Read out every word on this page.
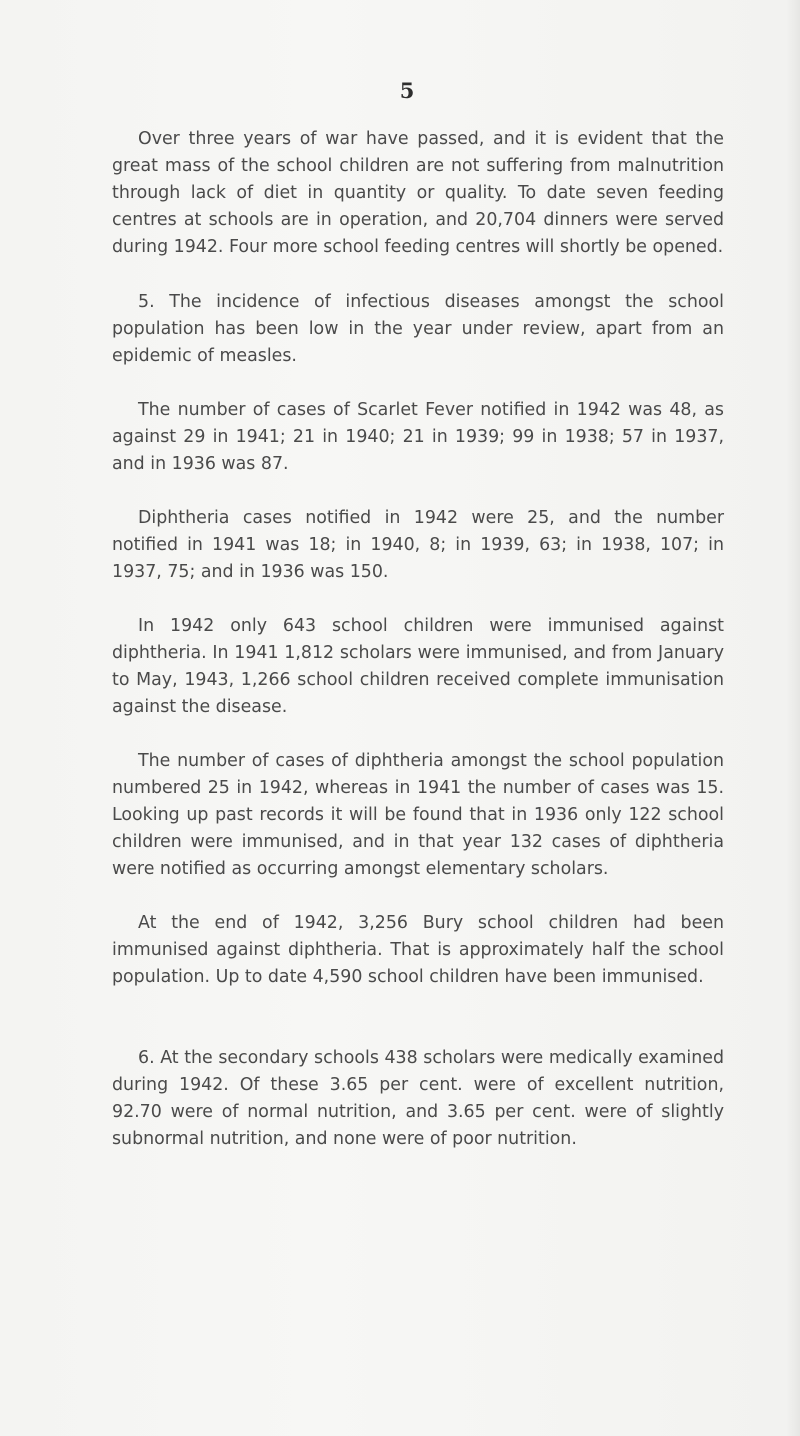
5

Over three years of war have passed, and it is evident that the great mass of the school children are not suffering from malnutrition through lack of diet in quantity or quality. To date seven feeding centres at schools are in operation, and 20,704 dinners were served during 1942. Four more school feeding centres will shortly be opened.

5. The incidence of infectious diseases amongst the school population has been low in the year under review, apart from an epidemic of measles.

The number of cases of Scarlet Fever notified in 1942 was 48, as against 29 in 1941; 21 in 1940; 21 in 1939; 99 in 1938; 57 in 1937, and in 1936 was 87.

Diphtheria cases notified in 1942 were 25, and the number notified in 1941 was 18; in 1940, 8; in 1939, 63; in 1938, 107; in 1937, 75; and in 1936 was 150.

In 1942 only 643 school children were immunised against diphtheria. In 1941 1,812 scholars were immunised, and from January to May, 1943, 1,266 school children received complete immunisation against the disease.

The number of cases of diphtheria amongst the school population numbered 25 in 1942, whereas in 1941 the number of cases was 15. Looking up past records it will be found that in 1936 only 122 school children were immunised, and in that year 132 cases of diphtheria were notified as occurring amongst elementary scholars.

At the end of 1942, 3,256 Bury school children had been immunised against diphtheria. That is approximately half the school population. Up to date 4,590 school children have been immunised.

6. At the secondary schools 438 scholars were medically examined during 1942. Of these 3.65 per cent. were of excellent nutrition, 92.70 were of normal nutrition, and 3.65 per cent. were of slightly subnormal nutrition, and none were of poor nutrition.
